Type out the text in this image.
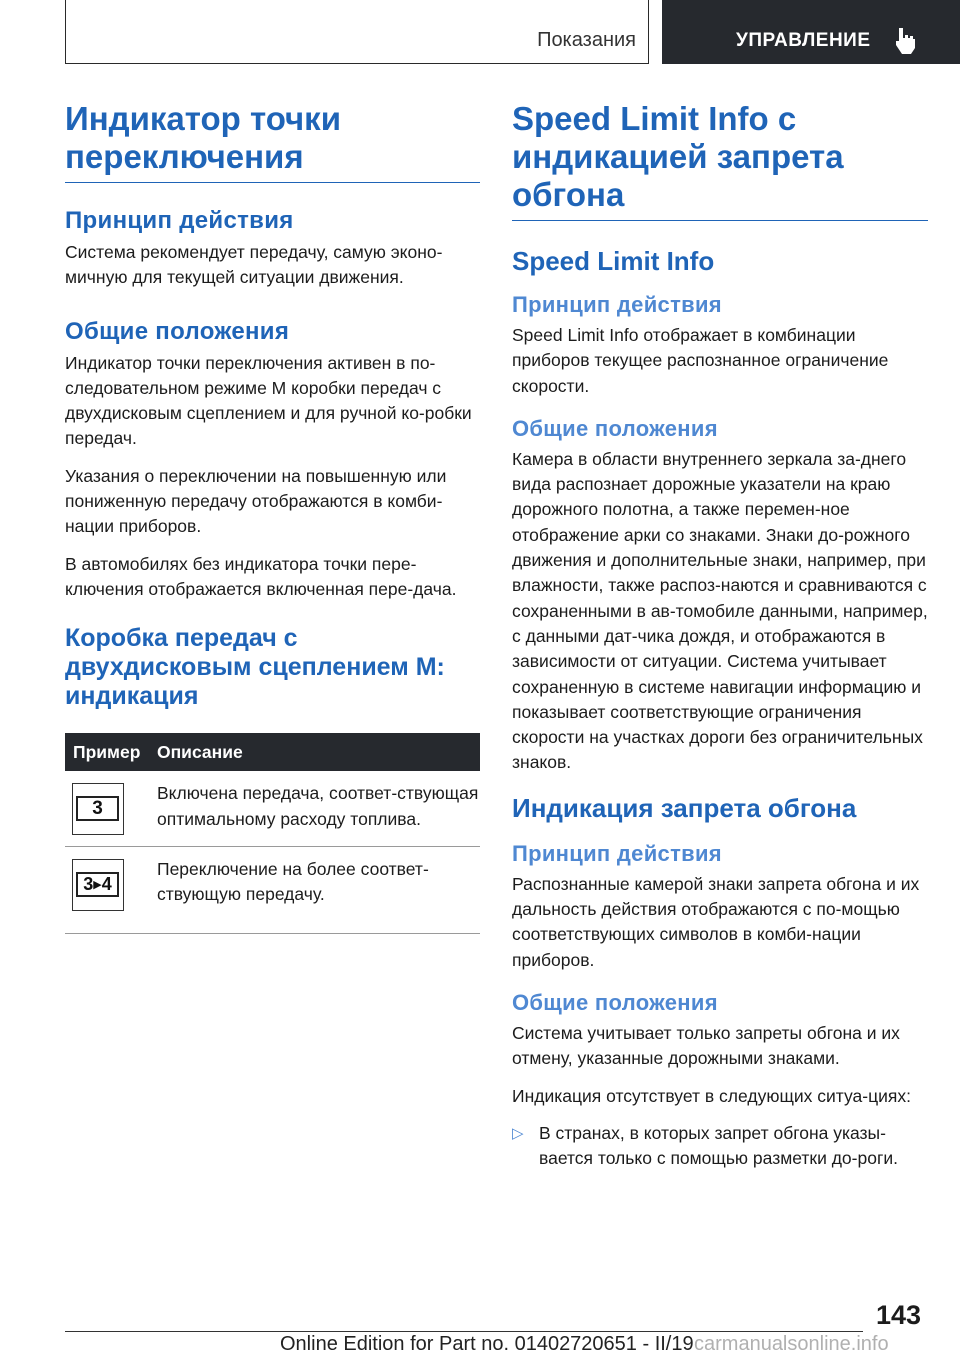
Показания	УПРАВЛЕНИЕ
Индикатор точки переключения
Принцип действия

Система рекомендует передачу, самую эконо-мичную для текущей ситуации движения.

Общие положения

Индикатор точки переключения активен в по-следовательном режиме M коробки передач с двухдисковым сцеплением и для ручной ко-робки передач.

Указания о переключении на повышенную или пониженную передачу отображаются в комби-нации приборов.

В автомобилях без индикатора точки пере-ключения отображается включенная пере-дача.

Коробка передач с двухдисковым сцеплением M: индикация
Пример	Описание

3	Включена передача, соответ-ствующая оптимальному расходу топлива.

3▶4	Переключение на более соответ-ствующую передачу.
Speed Limit Info с индикацией запрета обгона
Speed Limit Info
Принцип действия

Speed Limit Info отображает в комбинации приборов текущее распознанное ограничение скорости.

Общие положения

Камера в области внутреннего зеркала за-днего вида распознает дорожные указатели на краю дорожного полотна, а также перемен-ное отображение арки со знаками. Знаки до-рожного движения и дополнительные знаки, например, при влажности, также распоз-наются и сравниваются с сохраненными в ав-томобиле данными, например, с данными дат-чика дождя, и отображаются в зависимости от ситуации. Система учитывает сохраненную в системе навигации информацию и показывает соответствующие ограничения скорости на участках дороги без ограничительных знаков.

Индикация запрета обгона
Принцип действия

Распознанные камерой знаки запрета обгона и их дальность действия отображаются с по-мощью соответствующих символов в комби-нации приборов.

Общие положения

Система учитывает только запреты обгона и их отмену, указанные дорожными знаками.

Индикация отсутствует в следующих ситуа-циях:

▷ В странах, в которых запрет обгона указы-вается только с помощью разметки до-роги.

143
Online Edition for Part no. 01402720651 - II/19 carmanualsonline.info
